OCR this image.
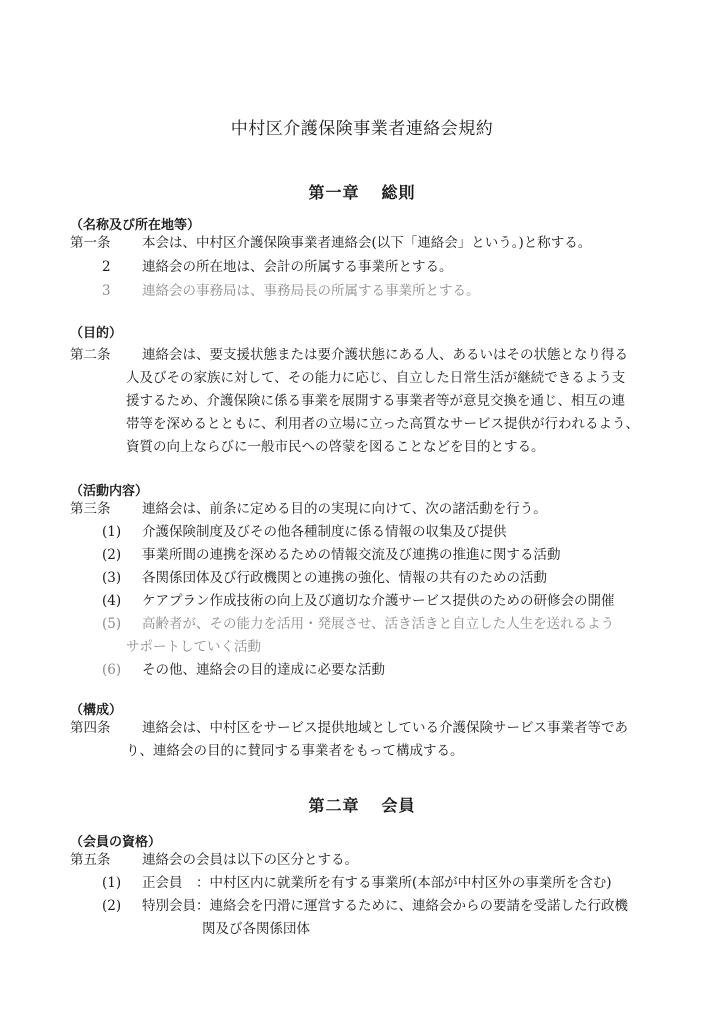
中村区介護保険事業者連絡会規約
第一章 総則
（名称及び所在地等）
第一条 本会は、中村区介護保険事業者連絡会(以下「連絡会」という。)と称する。
2 連絡会の所在地は、会計の所属する事業所とする。
3 連絡会の事務局は、事務局長の所属する事業所とする。
（目的）
第二条 連絡会は、要支援状態または要介護状態にある人、あるいはその状態となり得る
人及びその家族に対して、その能力に応じ、自立した日常生活が継続できるよう支
援するため、介護保険に係る事業を展開する事業者等が意見交換を通じ、相互の連
帯等を深めるとともに、利用者の立場に立った高質なサービス提供が行われるよう、
資質の向上ならびに一般市民への啓蒙を図ることなどを目的とする。
（活動内容）
第三条 連絡会は、前条に定める目的の実現に向けて、次の諸活動を行う。
(1) 介護保険制度及びその他各種制度に係る情報の収集及び提供
(2) 事業所間の連携を深めるための情報交流及び連携の推進に関する活動
(3) 各関係団体及び行政機関との連携の強化、情報の共有のための活動
(4) ケアプラン作成技術の向上及び適切な介護サービス提供のための研修会の開催
(5) 高齢者が、その能力を活用・発展させ、活き活きと自立した人生を送れるよう
サポートしていく活動
(6) その他、連絡会の目的達成に必要な活動
（構成）
第四条 連絡会は、中村区をサービス提供地域としている介護保険サービス事業者等であ
り、連絡会の目的に賛同する事業者をもって構成する。
第二章 会員
（会員の資格）
第五条 連絡会の会員は以下の区分とする。
(1) 正会員　：中村区内に就業所を有する事業所(本部が中村区外の事業所を含む)
(2) 特別会員：連絡会を円滑に運営するために、連絡会からの要請を受諾した行政機
関及び各関係団体
